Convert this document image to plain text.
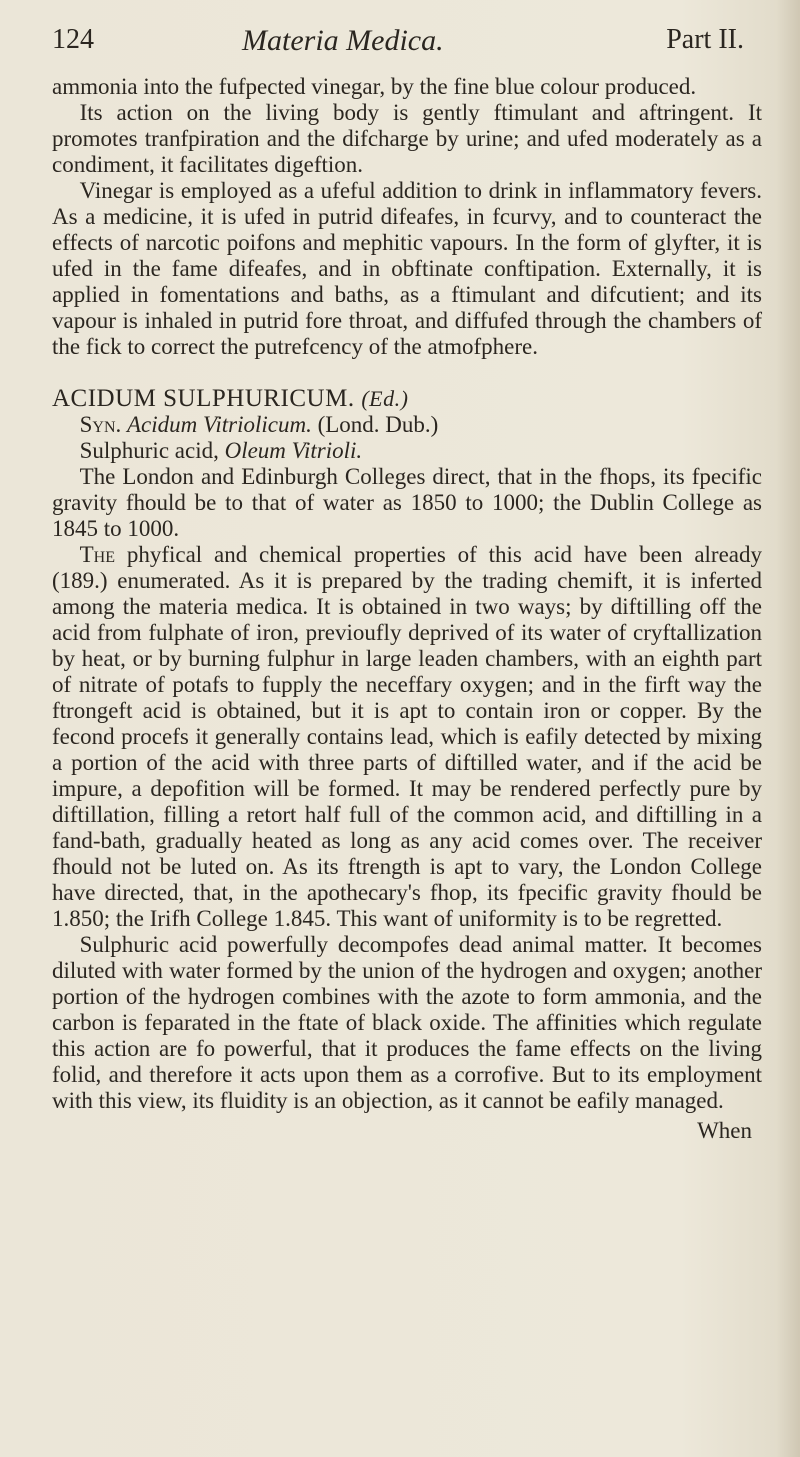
124	Materia Medica.	Part II.

ammonia into the fufpected vinegar, by the fine blue colour produced.

Its action on the living body is gently ftimulant and aftringent. It promotes tranfpiration and the difcharge by urine; and ufed moderately as a condiment, it facilitates digeftion.

Vinegar is employed as a ufeful addition to drink in inflammatory fevers. As a medicine, it is ufed in putrid difeafes, in fcurvy, and to counteract the effects of narcotic poifons and mephitic vapours. In the form of glyfter, it is ufed in the fame difeafes, and in obftinate conftipation. Externally, it is applied in fomentations and baths, as a ftimulant and difcutient; and its vapour is inhaled in putrid fore throat, and diffufed through the chambers of the fick to correct the putrefcency of the atmofphere.

ACIDUM SULPHURICUM. (Ed.)

Syn. Acidum Vitriolicum. (Lond. Dub.)

Sulphuric acid, Oleum Vitrioli.

The London and Edinburgh Colleges direct, that in the fhops, its fpecific gravity fhould be to that of water as 1850 to 1000; the Dublin College as 1845 to 1000.

The phyfical and chemical properties of this acid have been already (189.) enumerated. As it is prepared by the trading chemift, it is inferted among the materia medica. It is obtained in two ways; by diftilling off the acid from fulphate of iron, previoufly deprived of its water of cryftallization by heat, or by burning fulphur in large leaden chambers, with an eighth part of nitrate of potafs to fupply the neceffary oxygen; and in the firft way the ftrongeft acid is obtained, but it is apt to contain iron or copper. By the fecond procefs it generally contains lead, which is eafily detected by mixing a portion of the acid with three parts of diftilled water, and if the acid be impure, a depofition will be formed. It may be rendered perfectly pure by diftillation, filling a retort half full of the common acid, and diftilling in a fand-bath, gradually heated as long as any acid comes over. The receiver fhould not be luted on. As its ftrength is apt to vary, the London College have directed, that, in the apothecary's fhop, its fpecific gravity fhould be 1.850; the Irifh College 1.845. This want of uniformity is to be regretted.

Sulphuric acid powerfully decompofes dead animal matter. It becomes diluted with water formed by the union of the hydrogen and oxygen; another portion of the hydrogen combines with the azote to form ammonia, and the carbon is feparated in the ftate of black oxide. The affinities which regulate this action are fo powerful, that it produces the fame effects on the living folid, and therefore it acts upon them as a corrofive. But to its employment with this view, its fluidity is an objection, as it cannot be eafily managed.

When
